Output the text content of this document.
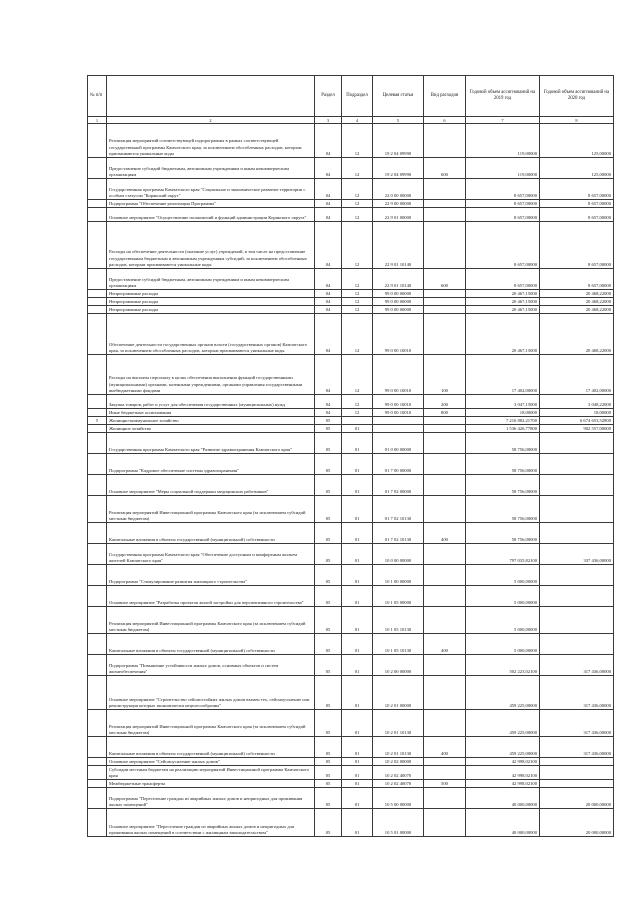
№ п/п		Раздел	Подраздел	Целевая статья	Вид расходов	Годовой объем ассигнований на 2019 год	Годовой объем ассигнований на 2020 год
1	2	3	4	5	6	7	8
	Реализация мероприятий соответствующей подпрограммы в рамках соответствующей государственной программы Камчатского края, за исключением обособленных расходов, которым присваиваются уникальные коды	04	12	19 2 04 09990		119,00000	125,00000
	Предоставление субсидий бюджетным, автономным учреждениям и иным некоммерческим организациям	04	12	19 2 04 09990	600	119,00000	125,00000
	Государственная программа Камчатского края "Социальное и экономическое развитие территории с особым статусом "Корякский округ"	04	12	22 0 00 00000		8 657,00000	8 657,00000
	Подпрограмма "Обеспечение реализации Программы"	04	12	22 9 00 00000		8 657,00000	8 657,00000
	Основное мероприятие "Осуществление полномочий и функций администрации Корякского округа"	04	12	22 9 01 00000		8 657,00000	8 657,00000
	Расходы на обеспечение деятельности (оказание услуг) учреждений, в том числе на предоставление государственным бюджетным и автономным учреждениям субсидий, за исключением обособленных расходов, которым присваиваются уникальные коды	04	12	22 9 01 10140		8 657,00000	8 657,00000
	Предоставление субсидий бюджетным, автономным учреждениям и иным некоммерческим организациям	04	12	22 9 01 10140	600	8 657,00000	8 657,00000
	Непрограммные расходы	04	12	99 0 00 00000		20 467,15000	20 468,22000
	Непрограммные расходы	04	12	99 0 00 00000		20 467,15000	20 468,22000
	Непрограммные расходы	04	12	99 0 00 00000		20 467,15000	20 468,22000
	Обеспечение деятельности государственных органов власти (государственных органов) Камчатского края, за исключением обособленных расходов, которым присваиваются уникальные коды	04	12	99 0 00 10010		20 467,15000	20 468,22000
	Расходы на выплаты персоналу в целях обеспечения выполнения функций государственными (муниципальными) органами, казенными учреждениями, органами управления государственными внебюджетными фондами	04	12	99 0 00 10010	100	17 402,00000	17 402,00000
	Закупка товаров, работ и услуг для обеспечения государственных (муниципальных) нужд	04	12	99 0 00 10010	200	3 047,15000	3 048,22000
	Иные бюджетные ассигнования	04	12	99 0 00 10010	800	18,00000	18,00000
5	Жилищно-коммунальное хозяйство	05				7 216 882,21700	6 674 653,52800
	Жилищное хозяйство	05	01			1 536 426,77800	902 557,00000
	Государственная программа Камчатского края "Развитие здравоохранения Камчатского края"	05	01	01 0 00 00000		58 756,00000	
	Подпрограмма "Кадровое обеспечение системы здравоохранения"	05	01	01 7 00 00000		58 756,00000	
	Основное мероприятие "Меры социальной поддержки медицинских работников"	05	01	01 7 02 00000		58 756,00000	
	Реализация мероприятий Инвестиционной программы Камчатского края (за исключением субсидий местным бюджетам)	05	01	01 7 02 10130		58 756,00000	
	Капитальные вложения в объекты государственной (муниципальной) собственности	05	01	01 7 02 10130	400	58 756,00000	
	Государственная программа Камчатского края "Обеспечение доступным и комфортным жильем жителей Камчатского края"	05	01	10 0 00 00000		797 035,82100	337 436,00000
	Подпрограмма "Стимулирование развития жилищного строительства"	05	01	10 1 00 00000		5 000,00000	
	Основное мероприятие "Разработка проектов жилой застройки для перспективного строительства"	05	01	10 1 05 00000		5 000,00000	
	Реализация мероприятий Инвестиционной программы Камчатского края (за исключением субсидий местным бюджетам)	05	01	10 1 05 10130		5 000,00000	
	Капитальные вложения в объекты государственной (муниципальной) собственности	05	01	10 1 05 10130	400	5 000,00000	
	Подпрограмма "Повышение устойчивости жилых домов, основных объектов и систем жизнеобеспечения"	05	01	10 2 00 00000		502 223,02100	317 436,00000
	Основное мероприятие "Строительство сейсмостойких жилых домов взамен тех, сейсмоусиление или реконструкция которых экономически нецелесообразны"	05	01	10 2 01 00000		459 225,00000	317 436,00000
	Реализация мероприятий Инвестиционной программы Камчатского края (за исключением субсидий местным бюджетам)	05	01	10 2 01 10130		459 225,00000	317 436,00000
	Капитальные вложения в объекты государственной (муниципальной) собственности	05	01	10 2 01 10130	400	459 225,00000	317 436,00000
	Основное мероприятие "Сейсмоусиление жилых домов"	05	01	10 2 02 00000		42 998,02100	
	Субсидии местным бюджетам на реализацию мероприятий Инвестиционной программы Камчатского края	05	01	10 2 02 40070		42 998,02100	
	Межбюджетные трансферты	05	01	10 2 02 40070	500	42 998,02100	
	Подпрограмма "Переселение граждан из аварийных жилых домов и непригодных для проживания жилых помещений"	05	01	10 5 00 00000		40 000,00000	20 000,00000
	Основное мероприятие "Переселение граждан из аварийных жилых домов и непригодных для проживания жилых помещений в соответствии с жилищным законодательством"	05	01	10 5 01 00000		40 000,00000	20 000,00000
